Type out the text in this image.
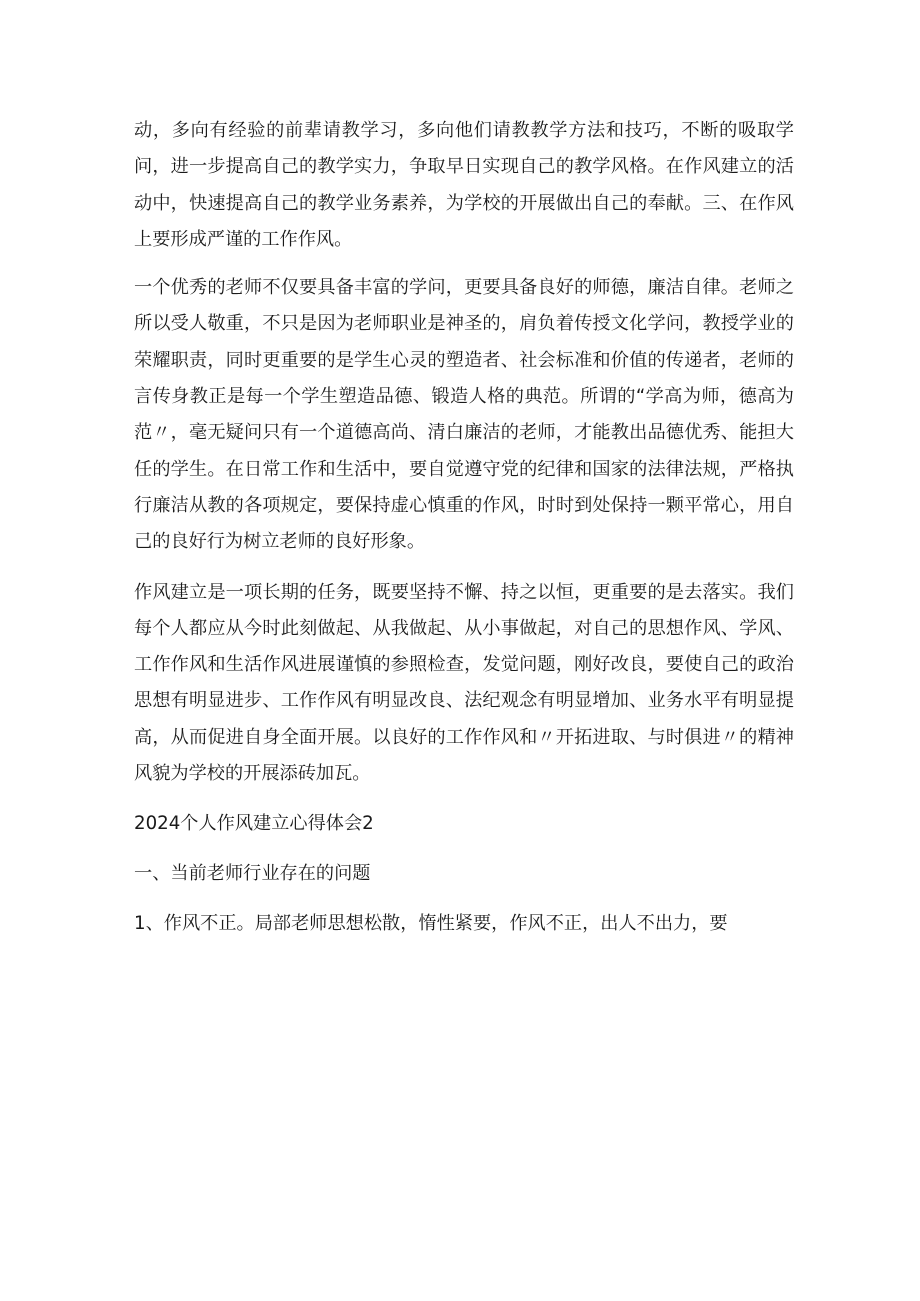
动，多向有经验的前辈请教学习，多向他们请教教学方法和技巧，不断的吸取学问，进一步提高自己的教学实力，争取早日实现自己的教学风格。在作风建立的活动中，快速提高自己的教学业务素养，为学校的开展做出自己的奉献。三、在作风上要形成严谨的工作作风。

一个优秀的老师不仅要具备丰富的学问，更要具备良好的师德，廉洁自律。老师之所以受人敬重，不只是因为老师职业是神圣的，肩负着传授文化学问，教授学业的荣耀职责，同时更重要的是学生心灵的塑造者、社会标准和价值的传递者，老师的言传身教正是每一个学生塑造品德、锻造人格的典范。所谓的“学高为师，德高为范〃，毫无疑问只有一个道德高尚、清白廉洁的老师，才能教出品德优秀、能担大任的学生。在日常工作和生活中，要自觉遵守党的纪律和国家的法律法规，严格执行廉洁从教的各项规定，要保持虚心慎重的作风，时时到处保持一颗平常心，用自己的良好行为树立老师的良好形象。

作风建立是一项长期的任务，既要坚持不懈、持之以恒，更重要的是去落实。我们每个人都应从今时此刻做起、从我做起、从小事做起，对自己的思想作风、学风、工作作风和生活作风进展谨慎的参照检查，发觉问题，刚好改良，要使自己的政治思想有明显进步、工作作风有明显改良、法纪观念有明显增加、业务水平有明显提高，从而促进自身全面开展。以良好的工作作风和〃开拓进取、与时俱进〃的精神风貌为学校的开展添砖加瓦。

2024个人作风建立心得体会2

一、当前老师行业存在的问题

1、作风不正。局部老师思想松散，惰性紧要，作风不正，出人不出力，要
